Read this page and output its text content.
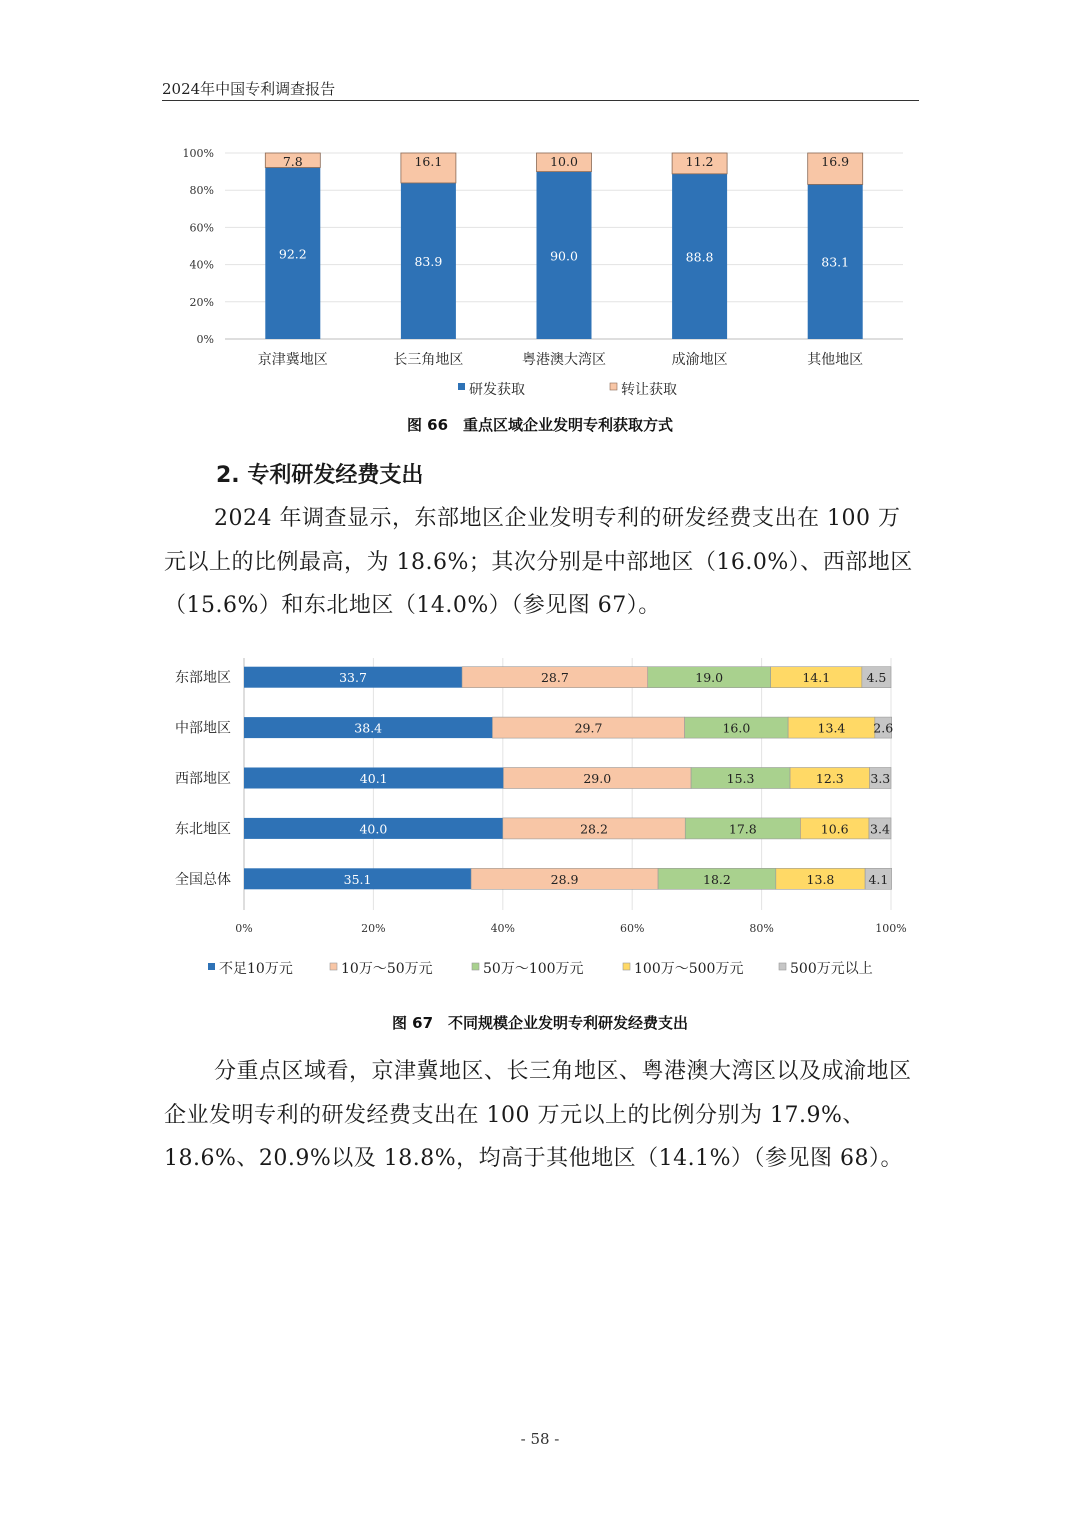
2024年中国专利调查报告
0%
20%
40%
60%
80%
100%
92.2
7.8
京津冀地区
83.9
16.1
长三角地区
90.0
10.0
粤港澳大湾区
88.8
11.2
成渝地区
83.1
16.9
其他地区
研发获取	转让获取
图 66　重点区域企业发明专利获取方式
2. 专利研发经费支出

2024 年调查显示，东部地区企业发明专利的研发经费支出在 100 万元以上的比例最高，为 18.6%；其次分别是中部地区（16.0%）、西部地区（15.6%）和东北地区（14.0%）（参见图 67）。

0%	20%	40%	60%	80%	100%
33.7	28.7	19.0	14.1	4.5
东部地区
38.4	29.7	16.0	13.4 2.6
中部地区
40.1	29.0	15.3	12.3 3.3
西部地区
40.0	28.2	17.8	10.6 3.4
东北地区
35.1	28.9	18.2	13.8	4.1
全国总体
不足10万元	10万～50万元	50万～100万元	100万～500万元	500万元以上
图 67　不同规模企业发明专利研发经费支出

分重点区域看，京津冀地区、长三角地区、粤港澳大湾区以及成渝地区企业发明专利的研发经费支出在 100 万元以上的比例分别为 17.9%、18.6%、20.9%以及 18.8%，均高于其他地区（14.1%）（参见图 68）。

- 58 -
